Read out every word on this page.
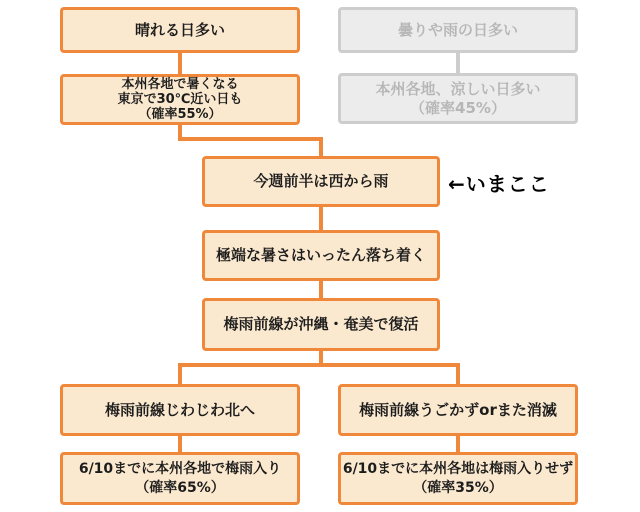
晴れる日多い	曇りや雨の日多い
本州各地で暑くなる
東京で30℃近い日も
（確率55%）
本州各地、涼しい日多い
（確率45%）
今週前半は西から雨	←いまここ
極端な暑さはいったん落ち着く
梅雨前線が沖縄・奄美で復活
梅雨前線じわじわ北へ	梅雨前線うごかずorまた消滅
6/10までに本州各地で梅雨入り
（確率65%）
6/10までに本州各地は梅雨入りせず
（確率35%）
